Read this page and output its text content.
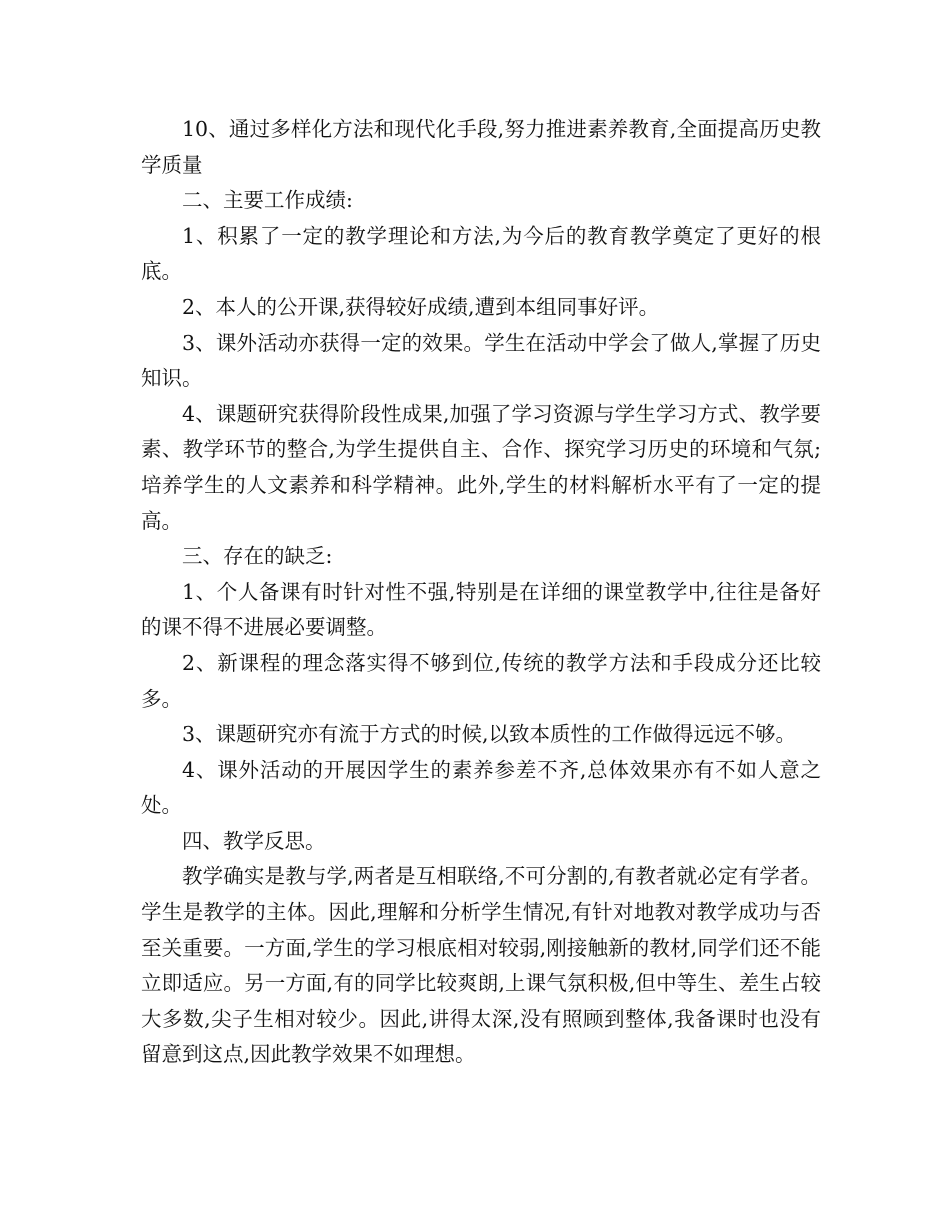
10、通过多样化方法和现代化手段,努力推进素养教育,全面提高历史教学质量

二、主要工作成绩:

1、积累了一定的教学理论和方法,为今后的教育教学奠定了更好的根底。

2、本人的公开课,获得较好成绩,遭到本组同事好评。

3、课外活动亦获得一定的效果。学生在活动中学会了做人,掌握了历史知识。

4、课题研究获得阶段性成果,加强了学习资源与学生学习方式、教学要素、教学环节的整合,为学生提供自主、合作、探究学习历史的环境和气氛;培养学生的人文素养和科学精神。此外,学生的材料解析水平有了一定的提高。

三、存在的缺乏:

1、个人备课有时针对性不强,特别是在详细的课堂教学中,往往是备好的课不得不进展必要调整。

2、新课程的理念落实得不够到位,传统的教学方法和手段成分还比较多。

3、课题研究亦有流于方式的时候,以致本质性的工作做得远远不够。

4、课外活动的开展因学生的素养参差不齐,总体效果亦有不如人意之处。

四、教学反思。

教学确实是教与学,两者是互相联络,不可分割的,有教者就必定有学者。学生是教学的主体。因此,理解和分析学生情况,有针对地教对教学成功与否至关重要。一方面,学生的学习根底相对较弱,刚接触新的教材,同学们还不能立即适应。另一方面,有的同学比较爽朗,上课气氛积极,但中等生、差生占较大多数,尖子生相对较少。因此,讲得太深,没有照顾到整体,我备课时也没有留意到这点,因此教学效果不如理想。
